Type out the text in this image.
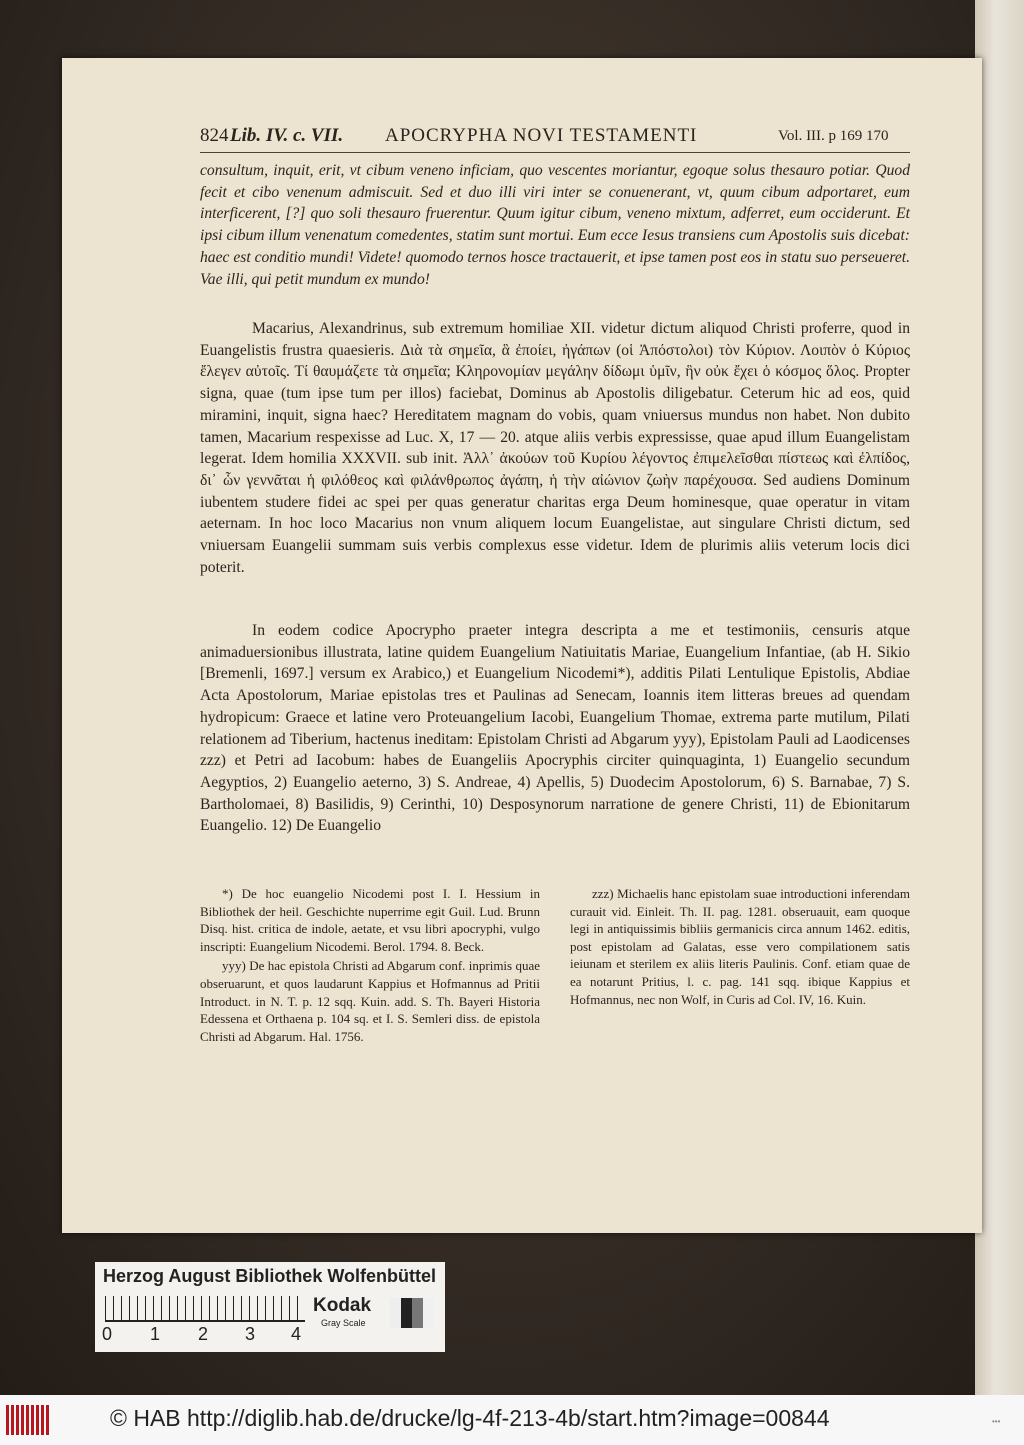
824 Lib. IV. c. VII. APOCRYPHA NOVI TESTAMENTI	Vol. III. p 169 170

consultum, inquit, erit, vt cibum veneno inficiam, quo vescentes moriantur, egoque solus thesauro potiar. Quod fecit et cibo venenum admiscuit. Sed et duo illi viri inter se conuenerant, vt, quum cibum adportaret, eum interficerent, [?] quo soli thesauro fruerentur. Quum igitur cibum, veneno mixtum, adferret, eum occiderunt. Et ipsi cibum illum venenatum comedentes, statim sunt mortui. Eum ecce Iesus transiens cum Apostolis suis dicebat: haec est conditio mundi! Videte! quomodo ternos hosce tractauerit, et ipse tamen post eos in statu suo perseueret. Vae illi, qui petit mundum ex mundo!

Macarius, Alexandrinus, sub extremum homiliae XII. videtur dictum aliquod Christi proferre, quod in Euangelistis frustra quaesieris. Διὰ τὰ σημεῖα, ἃ ἐποίει, ἠγάπων (οἱ Ἀπόστολοι) τὸν Κύριον. Λοιπὸν ὁ Κύριος ἔλεγεν αὐτοῖς. Τί θαυμάζετε τὰ σημεῖα; Κληρονομίαν μεγάλην δίδωμι ὑμῖν, ἣν οὐκ ἔχει ὁ κόσμος ὅλος. Propter signa, quae (tum ipse tum per illos) faciebat, Dominus ab Apostolis diligebatur. Ceterum hic ad eos, quid miramini, inquit, signa haec? Hereditatem magnam do vobis, quam vniuersus mundus non habet. Non dubito tamen, Macarium respexisse ad Luc. X, 17 — 20. atque aliis verbis expressisse, quae apud illum Euangelistam legerat. Idem homilia XXXVII. sub init. Ἀλλ᾽ ἀκούων τοῦ Κυρίου λέγοντος ἐπιμελεῖσθαι πίστεως καὶ ἐλπίδος, δι᾽ ὧν γεννᾶται ἡ φιλόθεος καὶ φιλάνθρωπος ἀγάπη, ἡ τὴν αἰώνιον ζωὴν παρέχουσα. Sed audiens Dominum iubentem studere fidei ac spei per quas generatur charitas erga Deum hominesque, quae operatur in vitam aeternam. In hoc loco Macarius non vnum aliquem locum Euangelistae, aut singulare Christi dictum, sed vniuersam Euangelii summam suis verbis complexus esse videtur. Idem de plurimis aliis veterum locis dici poterit.

In eodem codice Apocrypho praeter integra descripta a me et testimoniis, censuris atque animaduersionibus illustrata, latine quidem Euangelium Natiuitatis Mariae, Euangelium Infantiae, (ab H. Sikio [Bremenli, 1697.] versum ex Arabico,) et Euangelium Nicodemi*), additis Pilati Lentulique Epistolis, Abdiae Acta Apostolorum, Mariae epistolas tres et Paulinas ad Senecam, Ioannis item litteras breues ad quendam hydropicum: Graece et latine vero Proteuangelium Iacobi, Euangelium Thomae, extrema parte mutilum, Pilati relationem ad Tiberium, hactenus ineditam: Epistolam Christi ad Abgarum yyy), Epistolam Pauli ad Laodicenses zzz) et Petri ad Iacobum: habes de Euangeliis Apocryphis circiter quinquaginta, 1) Euangelio secundum Aegyptios, 2) Euangelio aeterno, 3) S. Andreae, 4) Apellis, 5) Duodecim Apostolorum, 6) S. Barnabae, 7) S. Bartholomaei, 8) Basilidis, 9) Cerinthi, 10) Desposynorum narratione de genere Christi, 11) de Ebionitarum Euangelio. 12) De Euangelio

*) De hoc euangelio Nicodemi post I. I. Hessium in Bibliothek der heil. Geschichte nuperrime egit Guil. Lud. Brunn Disq. hist. critica de indole, aetate, et vsu libri apocryphi, vulgo inscripti: Euangelium Nicodemi. Berol. 1794. 8. Beck.

yyy) De hac epistola Christi ad Abgarum conf. inprimis quae obseruarunt, et quos laudarunt Kappius et Hofmannus ad Pritii Introduct. in N. T. p. 12 sqq. Kuin. add. S. Th. Bayeri Historia Edessena et Orthaena p. 104 sq. et I. S. Semleri diss. de epistola Christi ad Abgarum. Hal. 1756.

zzz) Michaelis hanc epistolam suae introductioni inferendam curauit vid. Einleit. Th. II. pag. 1281. obseruauit, eam quoque legi in antiquissimis bibliis germanicis circa annum 1462. editis, post epistolam ad Galatas, esse vero compilationem satis ieiunam et sterilem ex aliis literis Paulinis. Conf. etiam quae de ea notarunt Pritius, l. c. pag. 141 sqq. ibique Kappius et Hofmannus, nec non Wolf, in Curis ad Col. IV, 16. Kuin.

Herzog August Bibliothek Wolfenbüttel
0 1 2 3 4
Kodak
Gray Scale
© HAB http://diglib.hab.de/drucke/lg-4f-213-4b/start.htm?image=00844	•••
